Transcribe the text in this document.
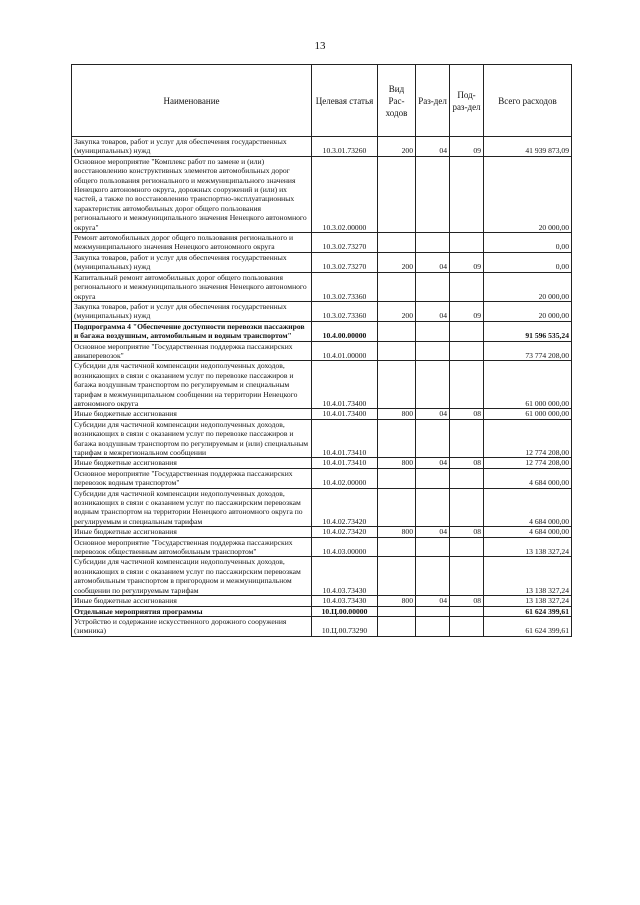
13
Наименование	Целевая статья	Вид Рас-ходов	Раз-дел	Под-раз-дел	Всего расходов
Закупка товаров, работ и услуг для обеспечения государственных (муниципальных) нужд	10.3.01.73260	200	04	09	41 939 873,09
Основное мероприятие "Комплекс работ по замене и (или) восстановлению конструктивных элементов автомобильных дорог общего пользования регионального и межмуниципального значения Ненецкого автономного округа, дорожных сооружений и (или) их частей, а также по восстановлению транспортно-эксплуатационных характеристик автомобильных дорог общего пользования регионального и межмуниципального значения Ненецкого автономного округа"	10.3.02.00000				20 000,00
Ремонт автомобильных дорог общего пользования регионального и межмуниципального значения Ненецкого автономного округа	10.3.02.73270				0,00
Закупка товаров, работ и услуг для обеспечения государственных (муниципальных) нужд	10.3.02.73270	200	04	09	0,00
Капитальный ремонт автомобильных дорог общего пользования регионального и межмуниципального значения Ненецкого автономного округа	10.3.02.73360				20 000,00
Закупка товаров, работ и услуг для обеспечения государственных (муниципальных) нужд	10.3.02.73360	200	04	09	20 000,00
Подпрограмма 4 "Обеспечение доступности перевозки пассажиров и багажа воздушным, автомобильным и водным транспортом"	10.4.00.00000				91 596 535,24
Основное мероприятие "Государственная поддержка пассажирских авиаперевозок"	10.4.01.00000				73 774 208,00
Субсидии для частичной компенсации недополученных доходов, возникающих в связи с оказанием услуг по перевозке пассажиров и багажа воздушным транспортом по регулируемым и специальным тарифам в межмуниципальном сообщении на территории Ненецкого автономного округа	10.4.01.73400				61 000 000,00
Иные бюджетные ассигнования	10.4.01.73400	800	04	08	61 000 000,00
Субсидии для частичной компенсации недополученных доходов, возникающих в связи с оказанием услуг по перевозке пассажиров и багажа воздушным транспортом по регулируемым и (или) специальным тарифам в межрегиональном сообщении	10.4.01.73410				12 774 208,00
Иные бюджетные ассигнования	10.4.01.73410	800	04	08	12 774 208,00
Основное мероприятие "Государственная поддержка пассажирских перевозок водным транспортом"	10.4.02.00000				4 684 000,00
Субсидии для частичной компенсации недополученных доходов, возникающих в связи с оказанием услуг по пассажирским перевозкам водным транспортом на территории Ненецкого автономного округа по регулируемым и специальным тарифам	10.4.02.73420				4 684 000,00
Иные бюджетные ассигнования	10.4.02.73420	800	04	08	4 684 000,00
Основное мероприятие "Государственная поддержка пассажирских перевозок общественным автомобильным транспортом"	10.4.03.00000				13 138 327,24
Субсидии для частичной компенсации недополученных доходов, возникающих в связи с оказанием услуг по пассажирским перевозкам автомобильным транспортом в пригородном и межмуниципальном сообщении по регулируемым тарифам	10.4.03.73430				13 138 327,24
Иные бюджетные ассигнования	10.4.03.73430	800	04	08	13 138 327,24
Отдельные мероприятия программы	10.Ц.00.00000				61 624 399,61
Устройство и содержание искусственного дорожного сооружения (зимника)	10.Ц.00.73290				61 624 399,61
